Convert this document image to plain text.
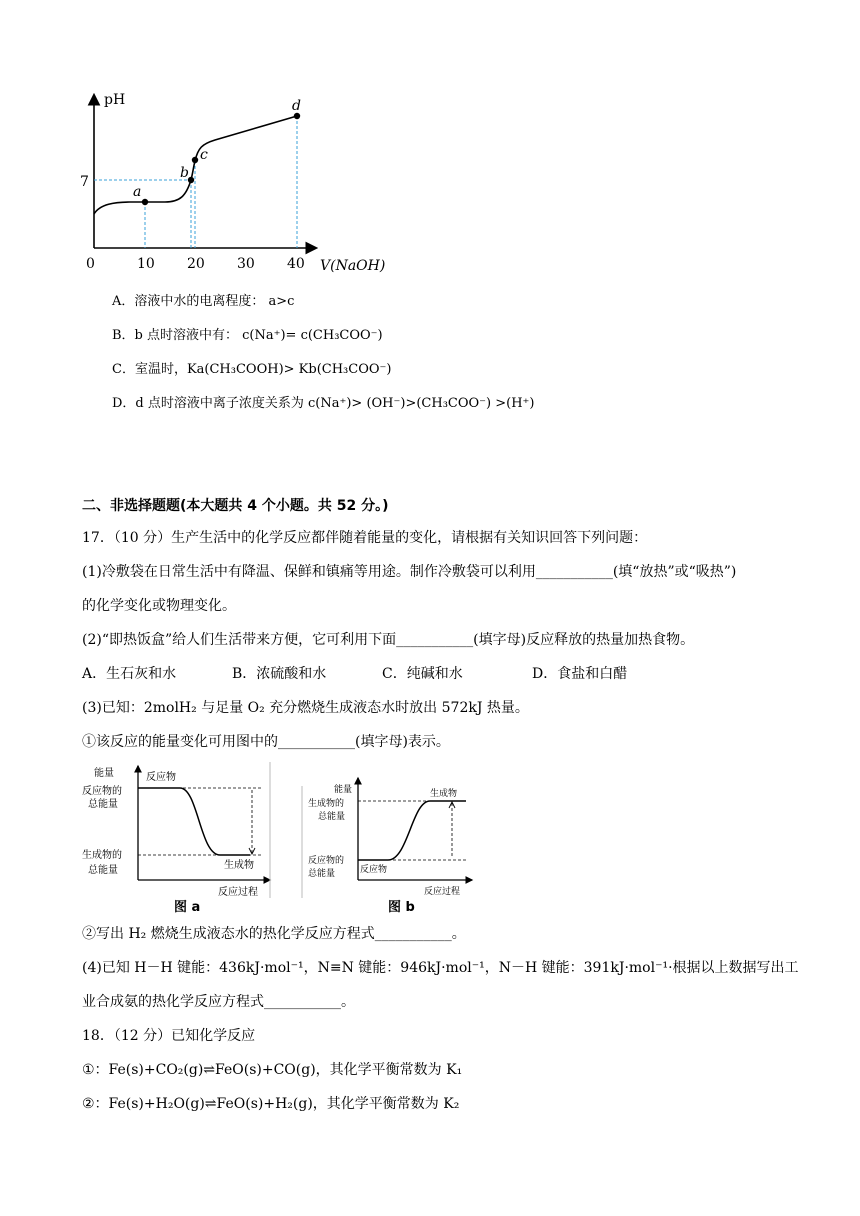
pH
7
0	10 20 30 40 V(NaOH)
a
b
c
d
A．溶液中水的电离程度： a>c
B．b 点时溶液中有： c(Na⁺)= c(CH₃COO⁻)
C．室温时，Ka(CH₃COOH)> Kb(CH₃COO⁻)
D．d 点时溶液中离子浓度关系为 c(Na⁺)> (OH⁻)>(CH₃COO⁻) >(H⁺)
二、非选择题题(本大题共 4 个小题。共 52 分。)
17．（10 分）生产生活中的化学反应都伴随着能量的变化，请根据有关知识回答下列问题：
(1)冷敷袋在日常生活中有降温、保鲜和镇痛等用途。制作冷敷袋可以利用___________(填“放热”或“吸热”)
的化学变化或物理变化。
(2)“即热饭盒”给人们生活带来方便，它可利用下面___________(填字母)反应释放的热量加热食物。
A．生石灰和水	B．浓硫酸和水	C．纯碱和水	D．食盐和白醋
(3)已知：2molH₂ 与足量 O₂ 充分燃烧生成液态水时放出 572kJ 热量。
①该反应的能量变化可用图中的___________(填字母)表示。
能量
反应物的
总能量
生成物的
总能量
反应物
生成物
反应过程
图 a
能量
生成物的
总能量
反应物的
总能量	反应物
生成物
反应过程
图 b
②写出 H₂ 燃烧生成液态水的热化学反应方程式___________。
(4)已知 H－H 键能：436kJ·mol⁻¹，N≡N 键能：946kJ·mol⁻¹，N－H 键能：391kJ·mol⁻¹·根据以上数据写出工
业合成氨的热化学反应方程式___________。
18．（12 分）已知化学反应
①：Fe(s)+CO₂(g)⇌FeO(s)+CO(g)，其化学平衡常数为 K₁
②：Fe(s)+H₂O(g)⇌FeO(s)+H₂(g)，其化学平衡常数为 K₂
